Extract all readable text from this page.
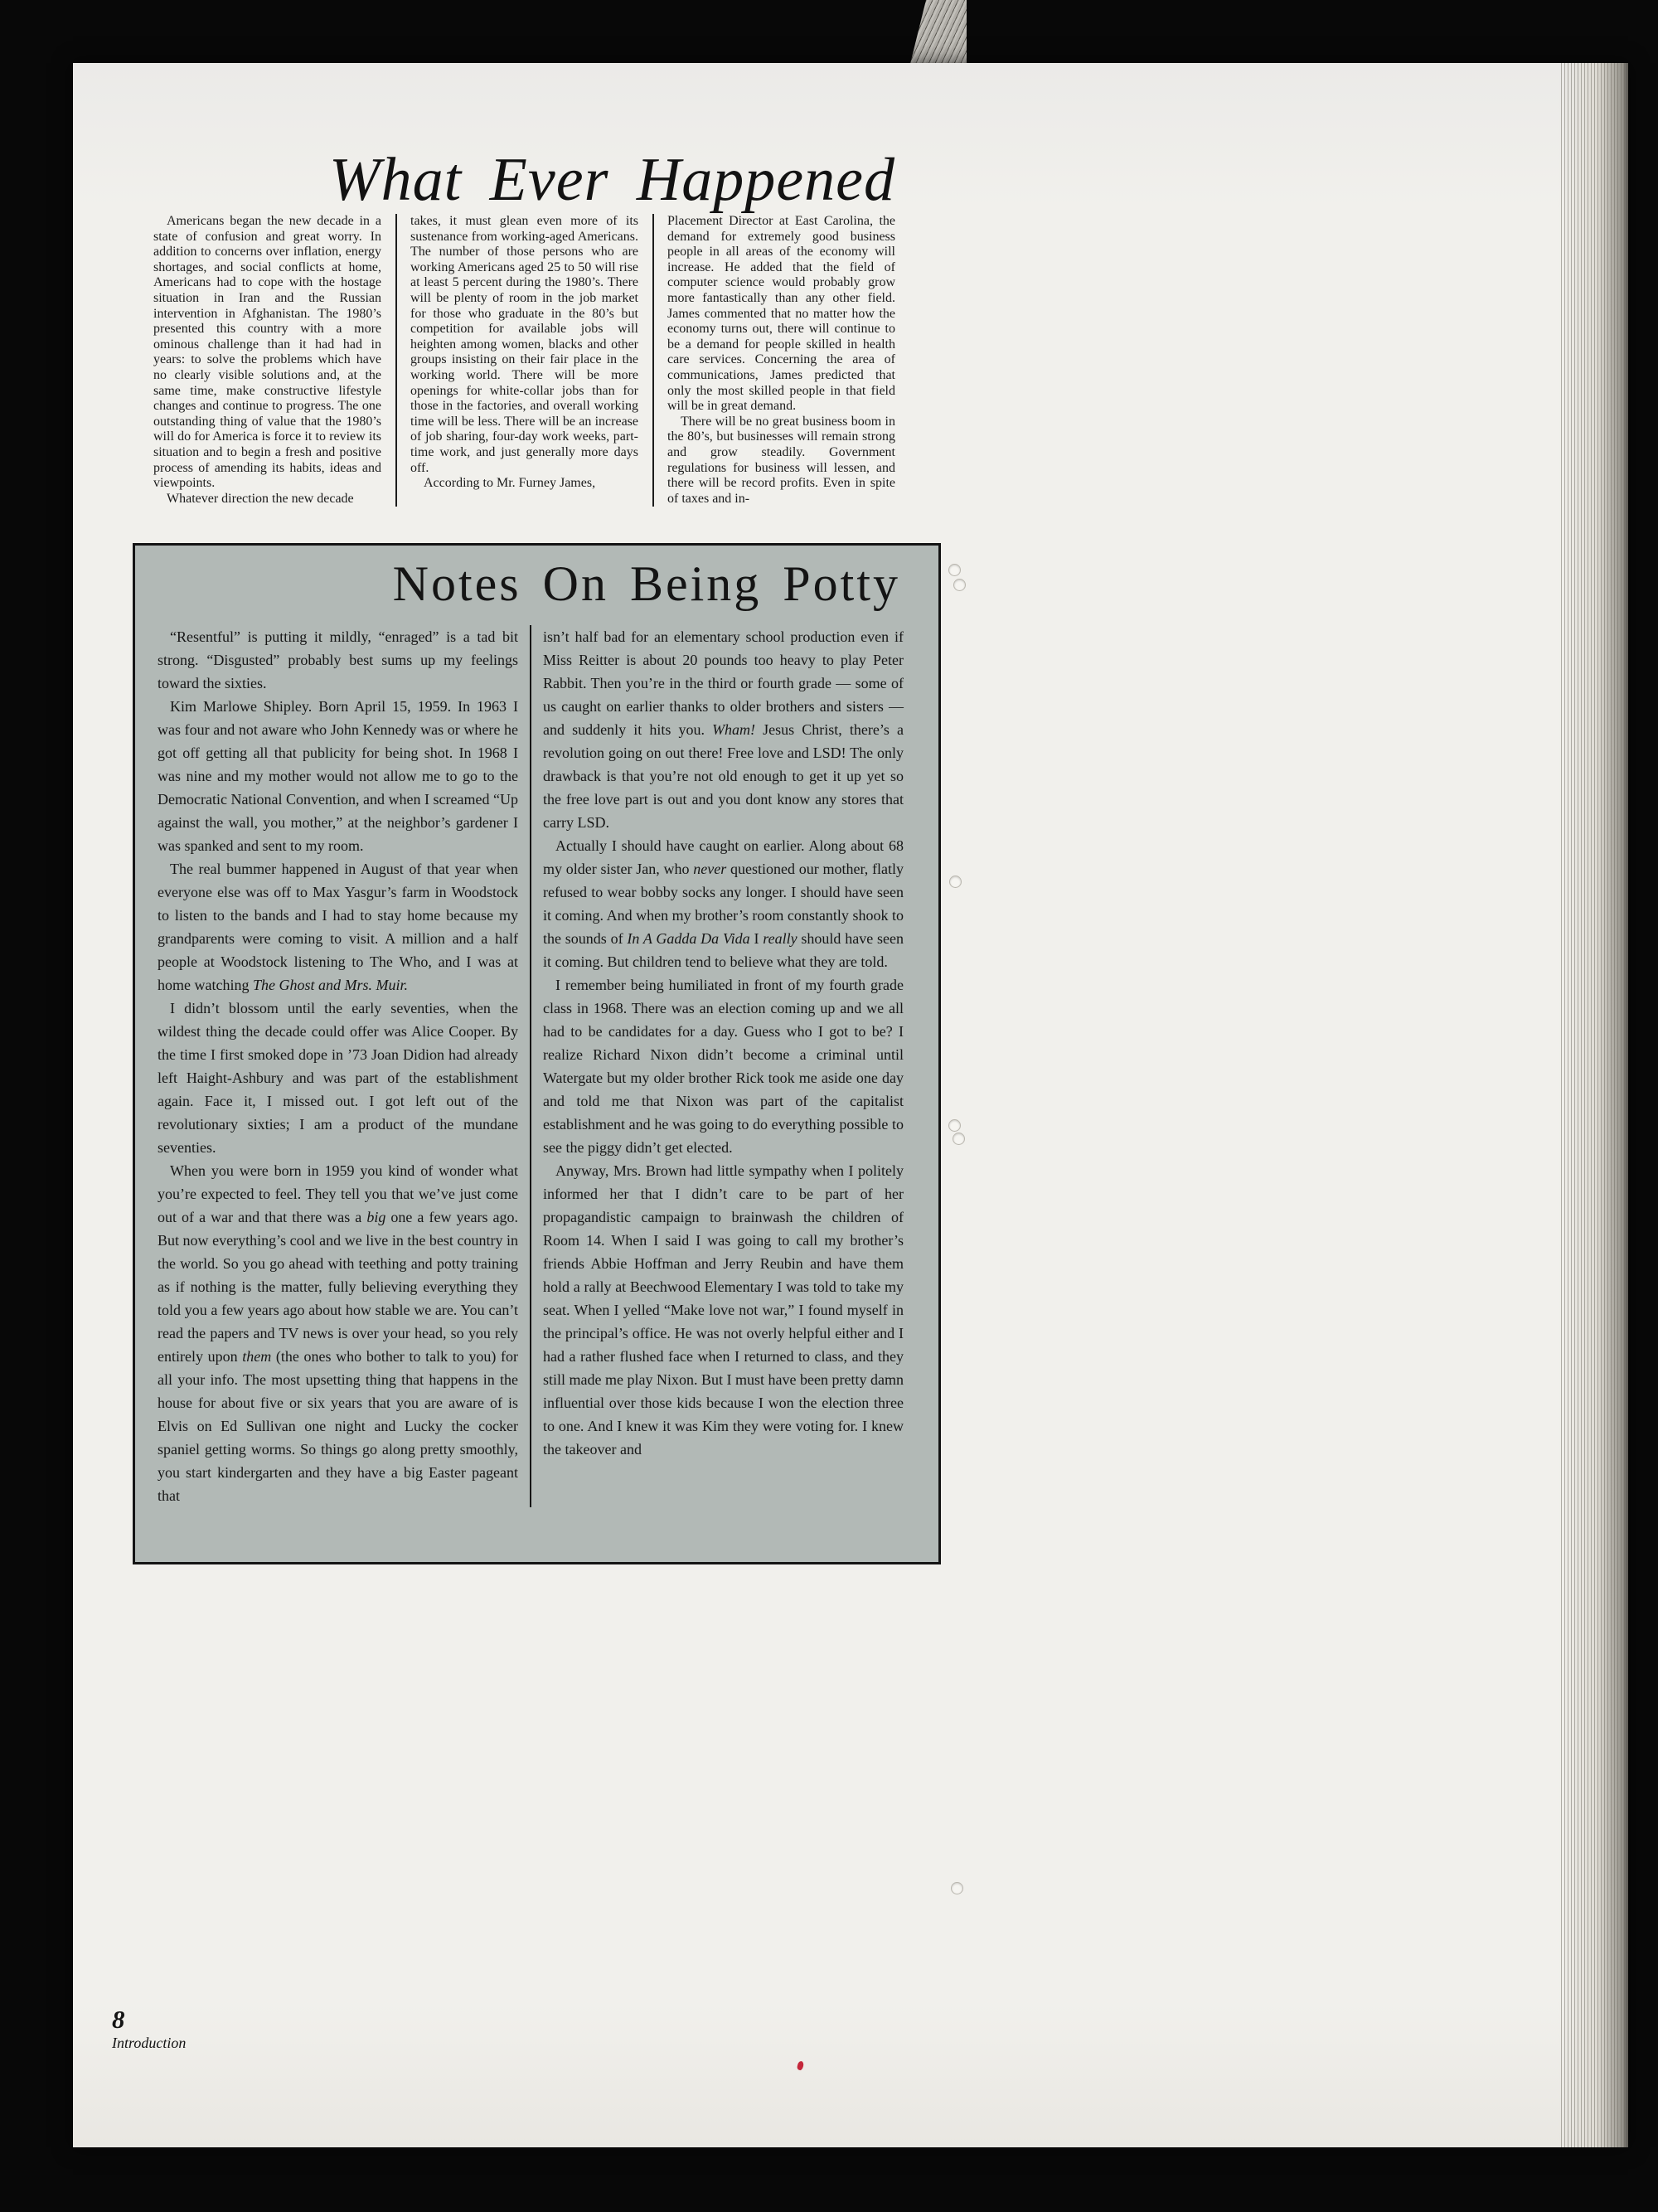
What Ever Happened

Americans began the new decade in a state of confusion and great worry. In addition to concerns over inflation, energy shortages, and social conflicts at home, Americans had to cope with the hostage situation in Iran and the Russian intervention in Afghanistan. The 1980’s presented this country with a more ominous challenge than it had had in years: to solve the problems which have no clearly visible solutions and, at the same time, make constructive lifestyle changes and continue to progress. The one outstanding thing of value that the 1980’s will do for America is force it to review its situation and to begin a fresh and positive process of amending its habits, ideas and viewpoints.

Whatever direction the new decade

takes, it must glean even more of its sustenance from working-aged Americans. The number of those persons who are working Americans aged 25 to 50 will rise at least 5 percent during the 1980’s. There will be plenty of room in the job market for those who graduate in the 80’s but competition for available jobs will heighten among women, blacks and other groups insisting on their fair place in the working world. There will be more openings for white-collar jobs than for those in the factories, and overall working time will be less. There will be an increase of job sharing, four-day work weeks, part-time work, and just generally more days off.

According to Mr. Furney James,

Placement Director at East Carolina, the demand for extremely good business people in all areas of the economy will increase. He added that the field of computer science would probably grow more fantastically than any other field. James commented that no matter how the economy turns out, there will continue to be a demand for people skilled in health care services. Concerning the area of communications, James predicted that only the most skilled people in that field will be in great demand.

There will be no great business boom in the 80’s, but businesses will remain strong and grow steadily. Government regulations for business will lessen, and there will be record profits. Even in spite of taxes and in-

Notes On Being Potty

“Resentful” is putting it mildly, “enraged” is a tad bit strong. “Disgusted” probably best sums up my feelings toward the sixties.

Kim Marlowe Shipley. Born April 15, 1959. In 1963 I was four and not aware who John Kennedy was or where he got off getting all that publicity for being shot. In 1968 I was nine and my mother would not allow me to go to the Democratic National Convention, and when I screamed “Up against the wall, you mother,” at the neighbor’s gardener I was spanked and sent to my room.

The real bummer happened in August of that year when everyone else was off to Max Yasgur’s farm in Woodstock to listen to the bands and I had to stay home because my grandparents were coming to visit. A million and a half people at Woodstock listening to The Who, and I was at home watching The Ghost and Mrs. Muir.

I didn’t blossom until the early seventies, when the wildest thing the decade could offer was Alice Cooper. By the time I first smoked dope in ’73 Joan Didion had already left Haight-Ashbury and was part of the establishment again. Face it, I missed out. I got left out of the revolutionary sixties; I am a product of the mundane seventies.

When you were born in 1959 you kind of wonder what you’re expected to feel. They tell you that we’ve just come out of a war and that there was a big one a few years ago. But now everything’s cool and we live in the best country in the world. So you go ahead with teething and potty training as if nothing is the matter, fully believing everything they told you a few years ago about how stable we are. You can’t read the papers and TV news is over your head, so you rely entirely upon them (the ones who bother to talk to you) for all your info. The most upsetting thing that happens in the house for about five or six years that you are aware of is Elvis on Ed Sullivan one night and Lucky the cocker spaniel getting worms. So things go along pretty smoothly, you start kindergarten and they have a big Easter pageant that

isn’t half bad for an elementary school production even if Miss Reitter is about 20 pounds too heavy to play Peter Rabbit. Then you’re in the third or fourth grade — some of us caught on earlier thanks to older brothers and sisters — and suddenly it hits you. Wham! Jesus Christ, there’s a revolution going on out there! Free love and LSD! The only drawback is that you’re not old enough to get it up yet so the free love part is out and you dont know any stores that carry LSD.

Actually I should have caught on earlier. Along about 68 my older sister Jan, who never questioned our mother, flatly refused to wear bobby socks any longer. I should have seen it coming. And when my brother’s room constantly shook to the sounds of In A Gadda Da Vida I really should have seen it coming. But children tend to believe what they are told.

I remember being humiliated in front of my fourth grade class in 1968. There was an election coming up and we all had to be candidates for a day. Guess who I got to be? I realize Richard Nixon didn’t become a criminal until Watergate but my older brother Rick took me aside one day and told me that Nixon was part of the capitalist establishment and he was going to do everything possible to see the piggy didn’t get elected.

Anyway, Mrs. Brown had little sympathy when I politely informed her that I didn’t care to be part of her propagandistic campaign to brainwash the children of Room 14. When I said I was going to call my brother’s friends Abbie Hoffman and Jerry Reubin and have them hold a rally at Beechwood Elementary I was told to take my seat. When I yelled “Make love not war,” I found myself in the principal’s office. He was not overly helpful either and I had a rather flushed face when I returned to class, and they still made me play Nixon. But I must have been pretty damn influential over those kids because I won the election three to one. And I knew it was Kim they were voting for. I knew the takeover and

8
Introduction
